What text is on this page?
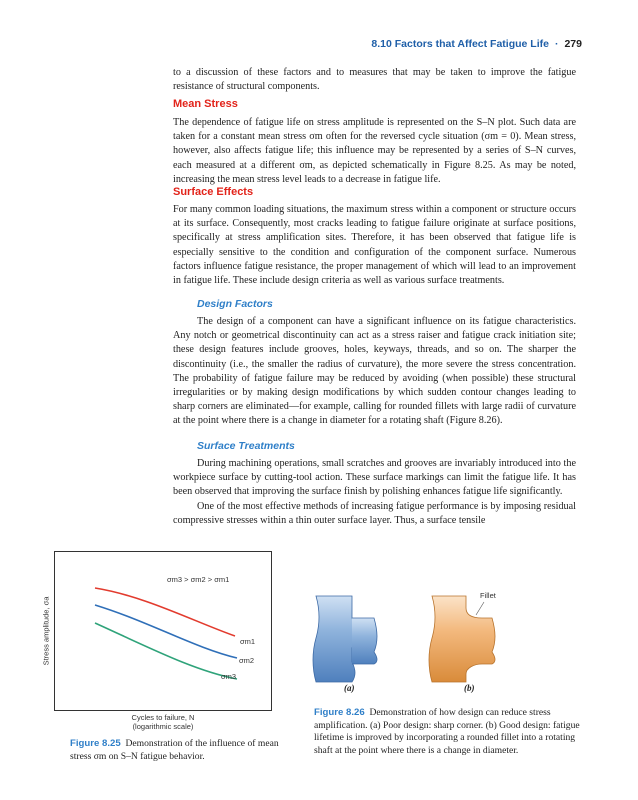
8.10 Factors that Affect Fatigue Life · 279

to a discussion of these factors and to measures that may be taken to improve the fatigue resistance of structural components.

Mean Stress

The dependence of fatigue life on stress amplitude is represented on the S–N plot. Such data are taken for a constant mean stress σm often for the reversed cycle situation (σm = 0). Mean stress, however, also affects fatigue life; this influence may be represented by a series of S–N curves, each measured at a different σm, as depicted schematically in Figure 8.25. As may be noted, increasing the mean stress level leads to a decrease in fatigue life.

Surface Effects

For many common loading situations, the maximum stress within a component or structure occurs at its surface. Consequently, most cracks leading to fatigue failure originate at surface positions, specifically at stress amplification sites. Therefore, it has been observed that fatigue life is especially sensitive to the condition and configuration of the component surface. Numerous factors influence fatigue resistance, the proper management of which will lead to an improvement in fatigue life. These include design criteria as well as various surface treatments.

Design Factors

The design of a component can have a significant influence on its fatigue characteristics. Any notch or geometrical discontinuity can act as a stress raiser and fatigue crack initiation site; these design features include grooves, holes, keyways, threads, and so on. The sharper the discontinuity (i.e., the smaller the radius of curvature), the more severe the stress concentration. The probability of fatigue failure may be reduced by avoiding (when possible) these structural irregularities or by making design modifications by which sudden contour changes leading to sharp corners are eliminated—for example, calling for rounded fillets with large radii of curvature at the point where there is a change in diameter for a rotating shaft (Figure 8.26).

Surface Treatments

During machining operations, small scratches and grooves are invariably introduced into the workpiece surface by cutting-tool action. These surface markings can limit the fatigue life. It has been observed that improving the surface finish by polishing enhances fatigue life significantly.

One of the most effective methods of increasing fatigue performance is by imposing residual compressive stresses within a thin outer surface layer. Thus, a surface tensile

σm3 > σm2 > σm1
σm1
σm2
σm3
Stress amplitude, σa
Cycles to failure, N
(logarithmic scale)

Figure 8.25 Demonstration of the influence of mean stress σm on S–N fatigue behavior.

Fillet
(a)	(b)

Figure 8.26 Demonstration of how design can reduce stress amplification. (a) Poor design: sharp corner. (b) Good design: fatigue lifetime is improved by incorporating a rounded fillet into a rotating shaft at the point where there is a change in diameter.
